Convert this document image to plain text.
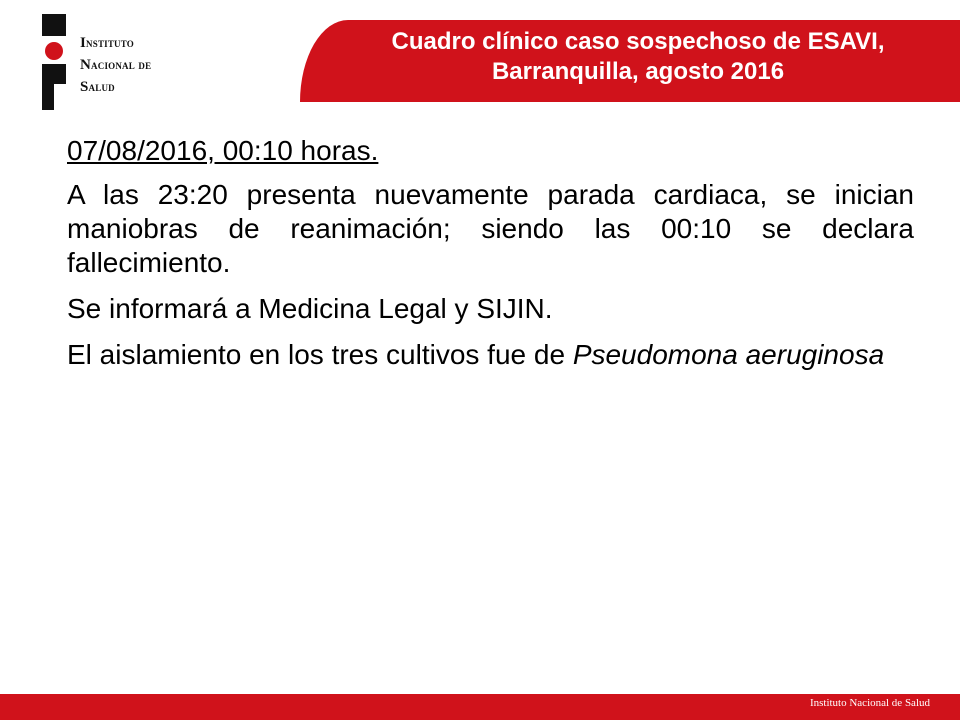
Instituto
Nacional de
Salud
Cuadro clínico caso sospechoso de ESAVI,
Barranquilla, agosto 2016

07/08/2016, 00:10 horas.

A las 23:20 presenta nuevamente parada cardiaca, se inician maniobras de reanimación; siendo las 00:10 se declara fallecimiento.

Se informará a Medicina Legal y SIJIN.

El aislamiento en los tres cultivos fue de Pseudomona aeruginosa

Instituto Nacional de Salud
